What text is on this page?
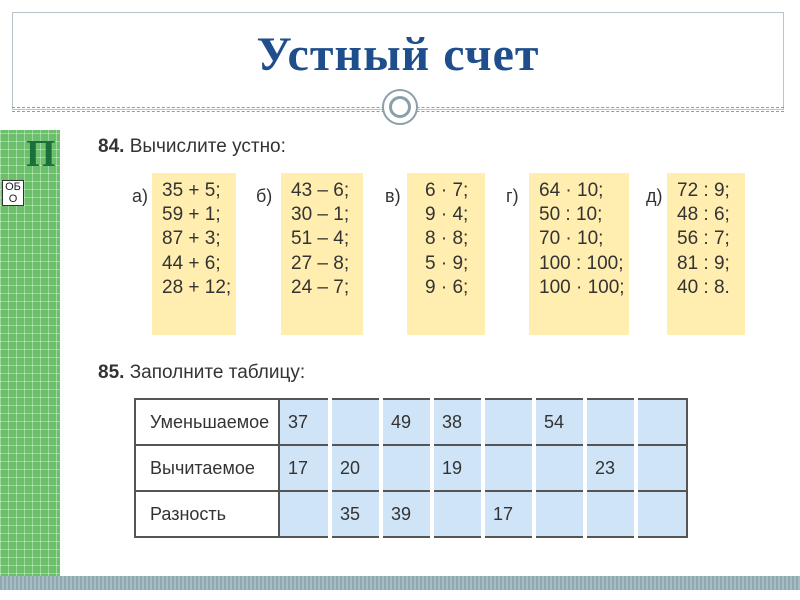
Устный счет
П
ОБ О
84. Вычислите устно:
а) 35 + 5;
59 + 1;
87 + 3;
44 + 6;
28 + 12;
б) 43 – 6;
30 – 1;
51 – 4;
27 – 8;
24 – 7;
в)	6 · 7;
9 · 4;
8 · 8;
5 · 9;
9 · 6;
г)	64 · 10;
50 : 10;
70 · 10;
100 : 100;
100 · 100;
д) 72 : 9;
48 : 6;
56 : 7;
81 : 9;
40 : 8.
85. Заполните таблицу:
Уменьшаемое	37		49	38		54		
Вычитаемое	17	20		19			23	
Разность		35	39		17			
